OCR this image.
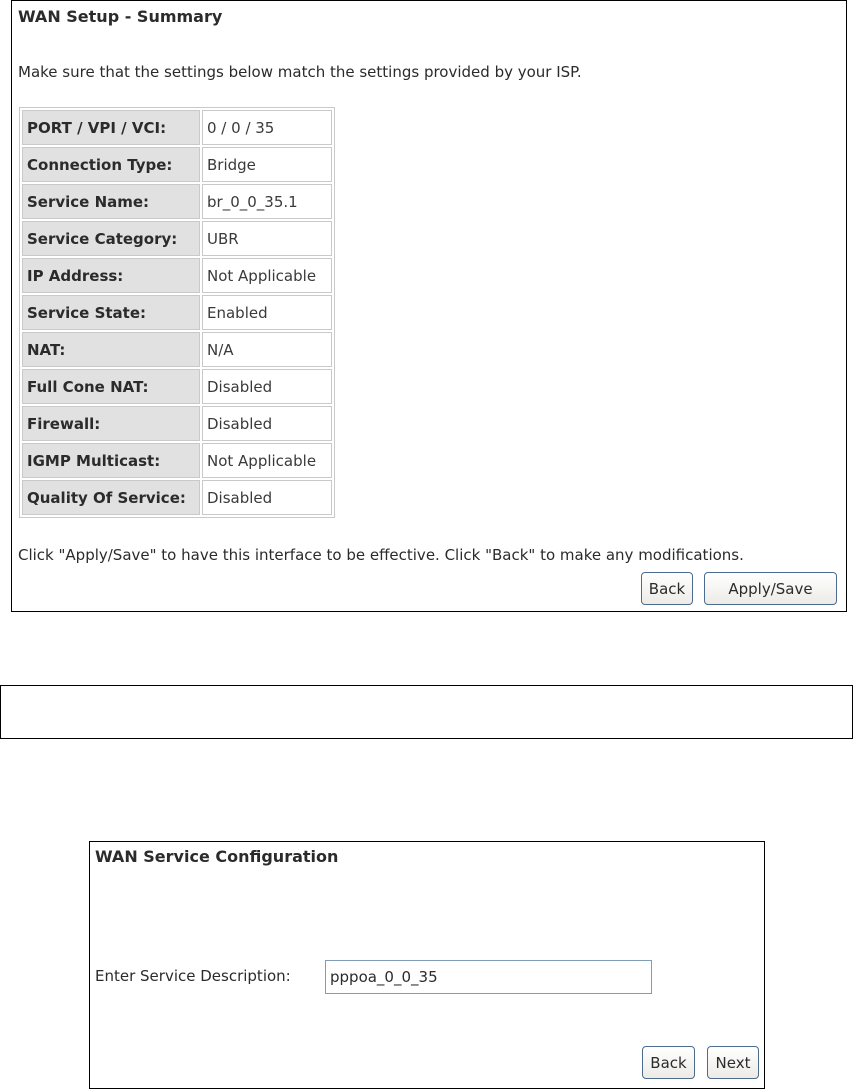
WAN Setup - Summary
Make sure that the settings below match the settings provided by your ISP.
PORT / VPI / VCI:	0 / 0 / 35
Connection Type:	Bridge
Service Name:	br_0_0_35.1
Service Category:	UBR
IP Address:	Not Applicable
Service State:	Enabled
NAT:	N/A
Full Cone NAT:	Disabled
Firewall:	Disabled
IGMP Multicast:	Not Applicable
Quality Of Service:	Disabled
Click "Apply/Save" to have this interface to be effective. Click "Back" to make any modifications.
Back	Apply/Save
WAN Service Configuration
Enter Service Description:
pppoa_0_0_35
Back	Next
